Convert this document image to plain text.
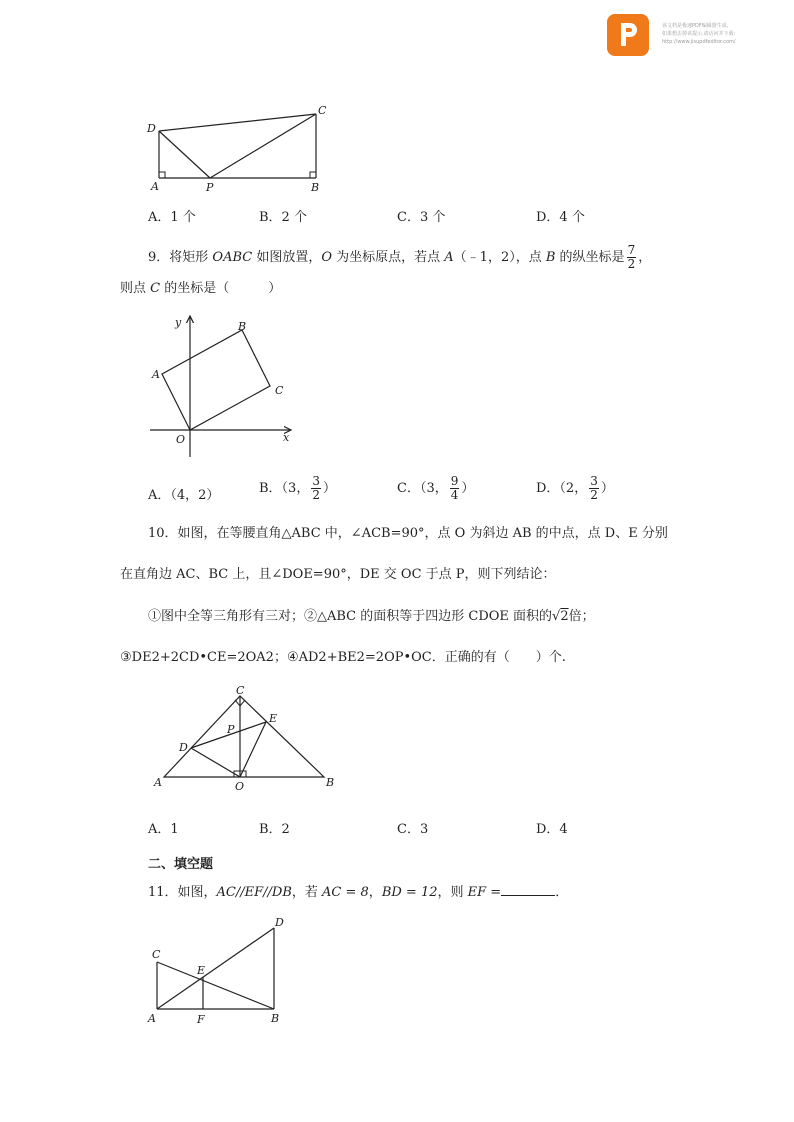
该文档是极速PDF编辑器生成,
如果想去掉该提示,请访问并下载:
http://www.jisupdfeditor.com/
D
C
A	P	B
A．1 个	B．2 个	C．3 个	D．4 个
9．将矩形 OABC 如图放置，O 为坐标原点，若点 A（﹣1，2），点 B 的纵坐标是 $\frac{7}{2}$ ，
则点 C 的坐标是（　　　）
y	B
A
C
O	x
A．（4，2）	B．（3， $\frac{3}{2}$ ）	C．（3， $\frac{9}{4}$ ）	D．（2， $\frac{3}{2}$ ）
10．如图，在等腰直角△ABC 中，∠ACB=90°，点 O 为斜边 AB 的中点，点 D、E 分别
在直角边 AC、BC 上，且∠DOE=90°，DE 交 OC 于点 P，则下列结论：
①图中全等三角形有三对；②△ABC 的面积等于四边形 CDOE 面积的√2倍；
③DE2+2CD•CE=2OA2；④AD2+BE2=2OP•OC．正确的有（　　）个.
C
E
P
D
A	O	B
A．1	B．2	C．3	D．4
二、填空题
11．如图，AC//EF//DB，若 AC = 8，BD = 12，则 EF =	．
D
C
E
A	F	B
